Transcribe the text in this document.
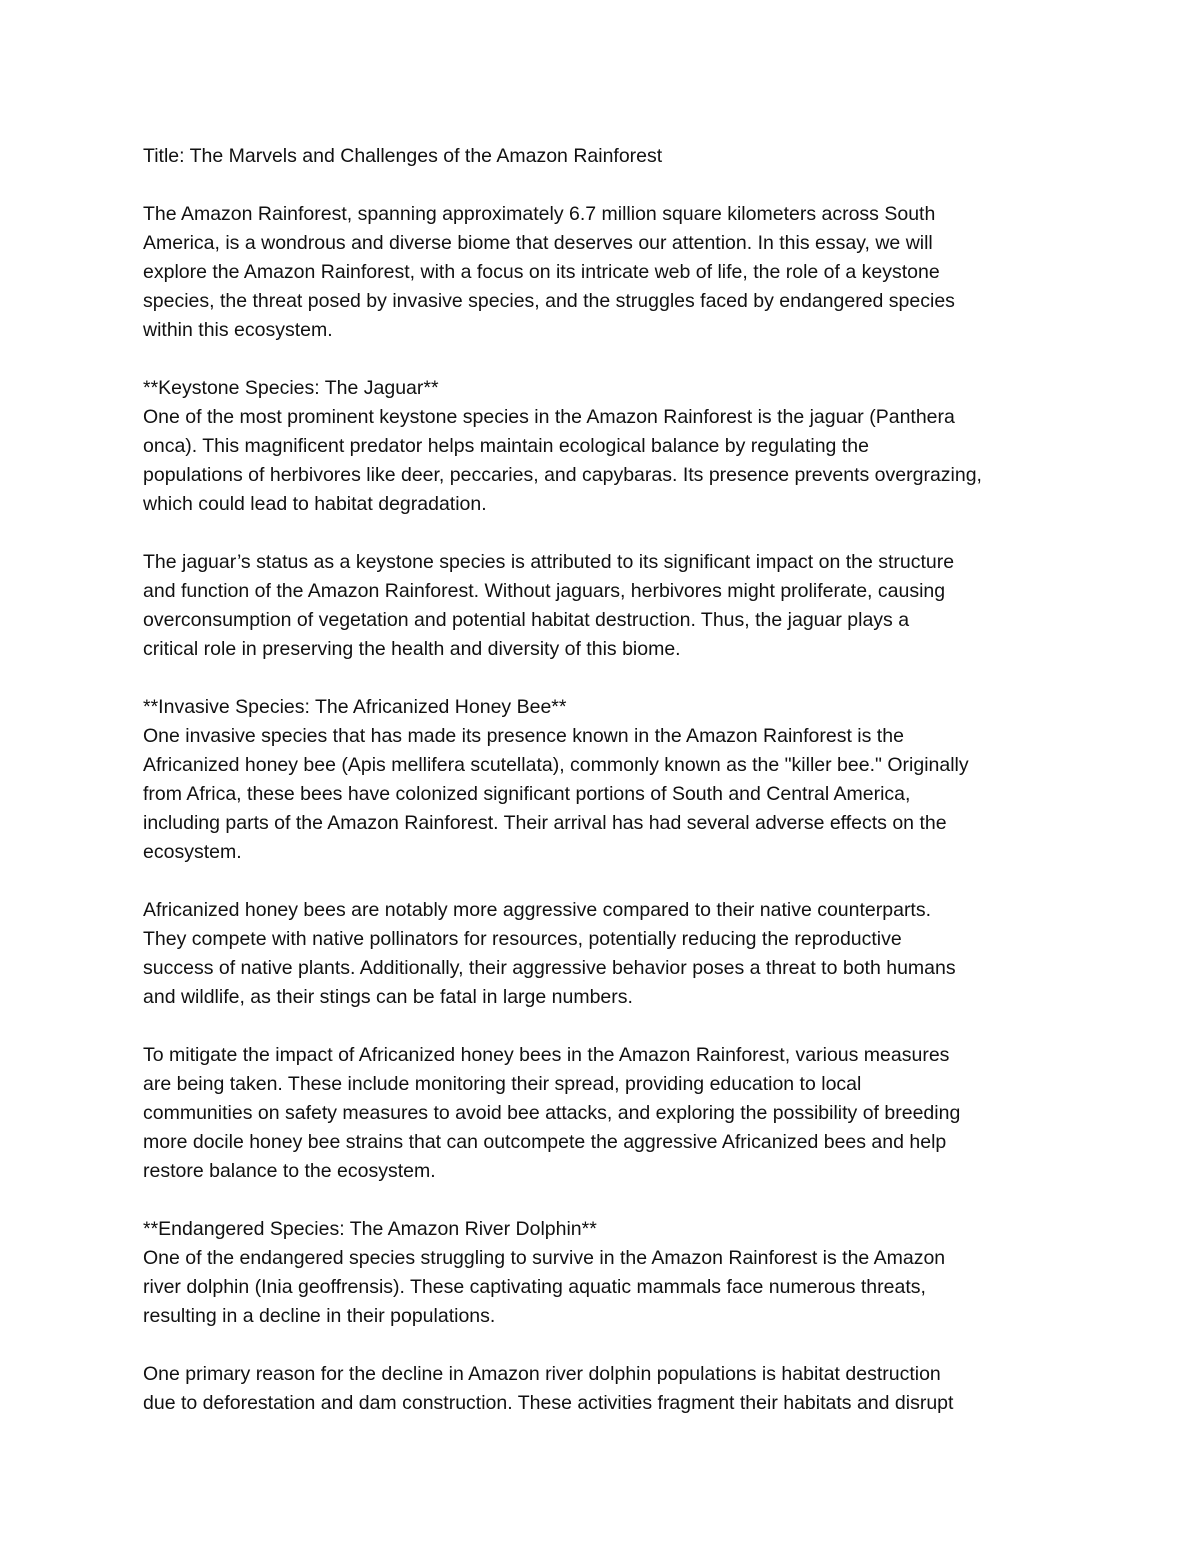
Title: The Marvels and Challenges of the Amazon Rainforest
The Amazon Rainforest, spanning approximately 6.7 million square kilometers across South
America, is a wondrous and diverse biome that deserves our attention. In this essay, we will
explore the Amazon Rainforest, with a focus on its intricate web of life, the role of a keystone
species, the threat posed by invasive species, and the struggles faced by endangered species
within this ecosystem.
**Keystone Species: The Jaguar**
One of the most prominent keystone species in the Amazon Rainforest is the jaguar (Panthera
onca). This magnificent predator helps maintain ecological balance by regulating the
populations of herbivores like deer, peccaries, and capybaras. Its presence prevents overgrazing,
which could lead to habitat degradation.
The jaguar’s status as a keystone species is attributed to its significant impact on the structure
and function of the Amazon Rainforest. Without jaguars, herbivores might proliferate, causing
overconsumption of vegetation and potential habitat destruction. Thus, the jaguar plays a
critical role in preserving the health and diversity of this biome.
**Invasive Species: The Africanized Honey Bee**
One invasive species that has made its presence known in the Amazon Rainforest is the
Africanized honey bee (Apis mellifera scutellata), commonly known as the "killer bee." Originally
from Africa, these bees have colonized significant portions of South and Central America,
including parts of the Amazon Rainforest. Their arrival has had several adverse effects on the
ecosystem.
Africanized honey bees are notably more aggressive compared to their native counterparts.
They compete with native pollinators for resources, potentially reducing the reproductive
success of native plants. Additionally, their aggressive behavior poses a threat to both humans
and wildlife, as their stings can be fatal in large numbers.
To mitigate the impact of Africanized honey bees in the Amazon Rainforest, various measures
are being taken. These include monitoring their spread, providing education to local
communities on safety measures to avoid bee attacks, and exploring the possibility of breeding
more docile honey bee strains that can outcompete the aggressive Africanized bees and help
restore balance to the ecosystem.
**Endangered Species: The Amazon River Dolphin**
One of the endangered species struggling to survive in the Amazon Rainforest is the Amazon
river dolphin (Inia geoffrensis). These captivating aquatic mammals face numerous threats,
resulting in a decline in their populations.
One primary reason for the decline in Amazon river dolphin populations is habitat destruction
due to deforestation and dam construction. These activities fragment their habitats and disrupt
